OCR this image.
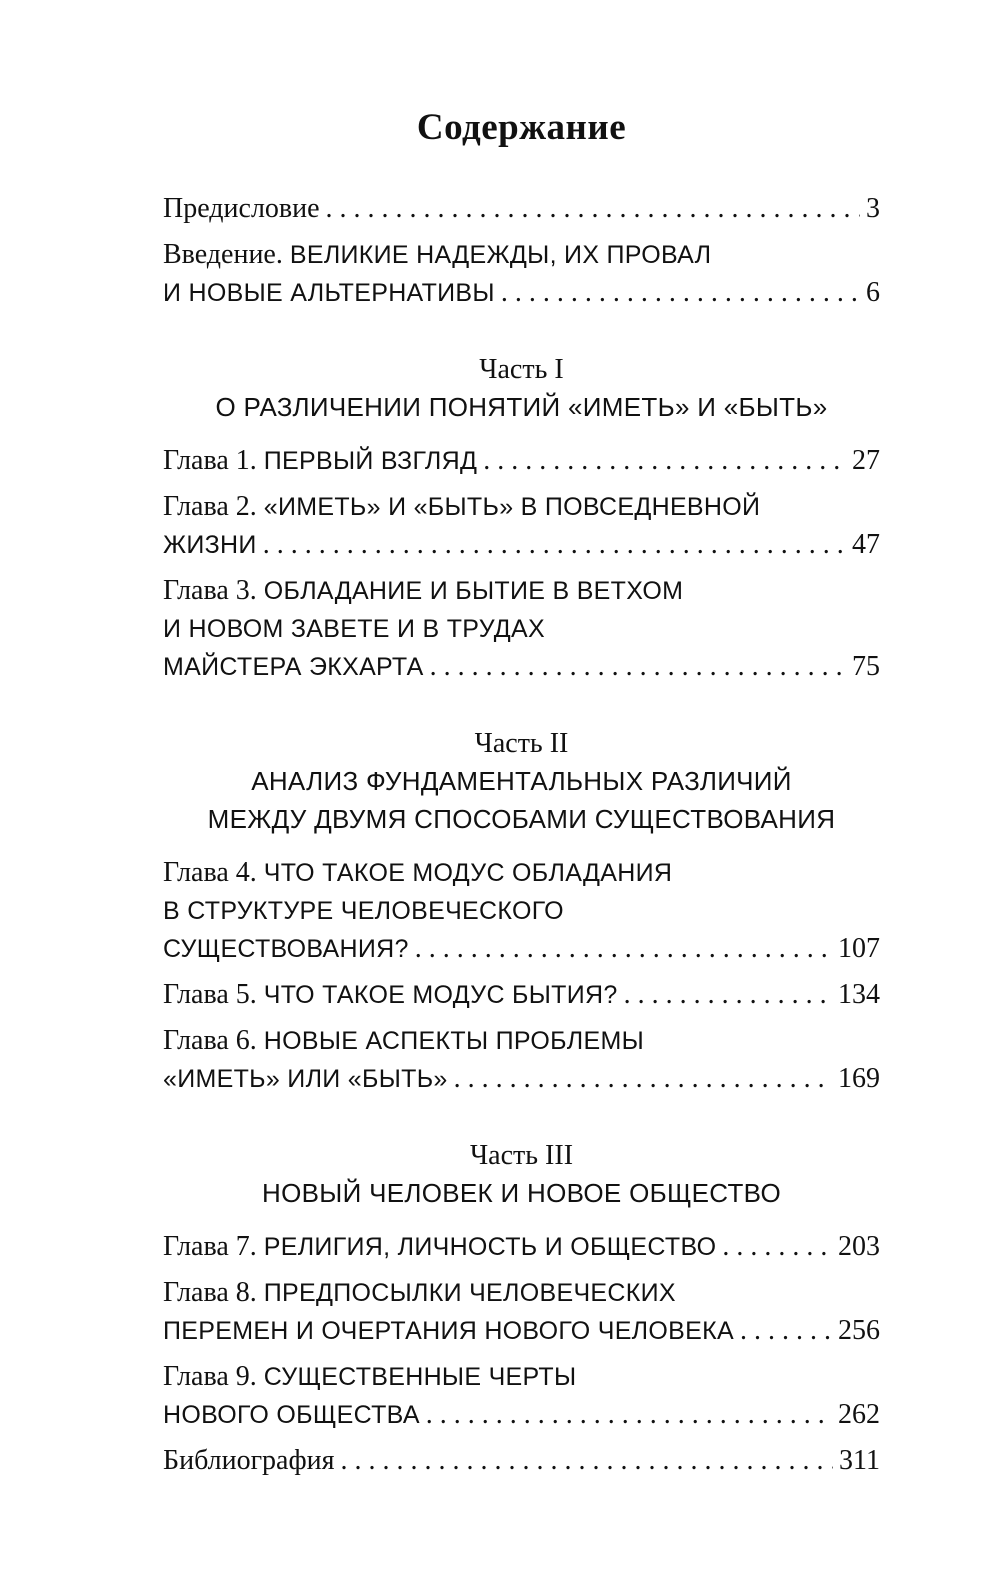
Содержание
Предисловие . . .	3
Введение. ВЕЛИКИЕ НАДЕЖДЫ, ИХ ПРОВАЛ
И НОВЫЕ АЛЬТЕРНАТИВЫ . . .	6
Часть I
О РАЗЛИЧЕНИИ ПОНЯТИЙ «ИМЕТЬ» И «БЫТЬ»
Глава 1. ПЕРВЫЙ ВЗГЛЯД . . .	27
Глава 2. «ИМЕТЬ» И «БЫТЬ» В ПОВСЕДНЕВНОЙ
ЖИЗНИ . . .	47
Глава 3. ОБЛАДАНИЕ И БЫТИЕ В ВЕТХОМ
И НОВОМ ЗАВЕТЕ И В ТРУДАХ
МАЙСТЕРА ЭКХАРТА . . .	75
Часть II
АНАЛИЗ ФУНДАМЕНТАЛЬНЫХ РАЗЛИЧИЙ
МЕЖДУ ДВУМЯ СПОСОБАМИ СУЩЕСТВОВАНИЯ
Глава 4. ЧТО ТАКОЕ МОДУС ОБЛАДАНИЯ
В СТРУКТУРЕ ЧЕЛОВЕЧЕСКОГО
СУЩЕСТВОВАНИЯ? . . .	107
Глава 5. ЧТО ТАКОЕ МОДУС БЫТИЯ? . . .	134
Глава 6. НОВЫЕ АСПЕКТЫ ПРОБЛЕМЫ
«ИМЕТЬ» ИЛИ «БЫТЬ» . . .	169
Часть III
НОВЫЙ ЧЕЛОВЕК И НОВОЕ ОБЩЕСТВО
Глава 7. РЕЛИГИЯ, ЛИЧНОСТЬ И ОБЩЕСТВО . . .	203
Глава 8. ПРЕДПОСЫЛКИ ЧЕЛОВЕЧЕСКИХ
ПЕРЕМЕН И ОЧЕРТАНИЯ НОВОГО ЧЕЛОВЕКА . . .	256
Глава 9. СУЩЕСТВЕННЫЕ ЧЕРТЫ
НОВОГО ОБЩЕСТВА . . .	262
Библиография . . .	311
